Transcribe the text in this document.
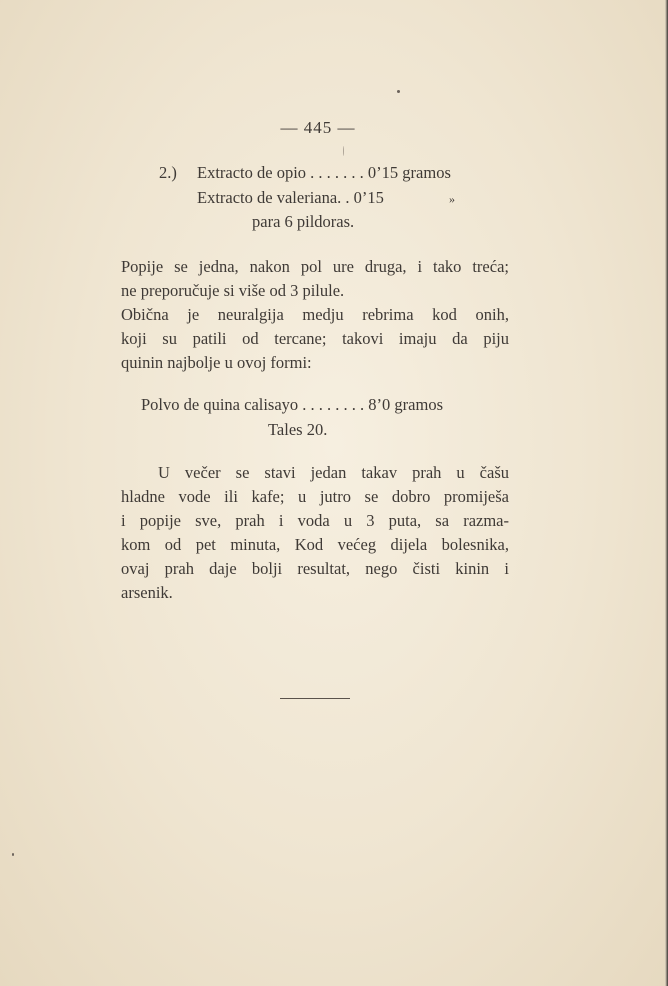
— 445 —
2.) Extracto de opio . . . . . . . 0’15 gramos
Extracto de valeriana. . 0’15	»
para 6 pildoras.
Popije se jedna, nakon pol ure druga, i tako treća;
ne preporučuje si više od 3 pilule.
Obična je neuralgija medju rebrima kod onih,
koji su patili od tercane; takovi imaju da piju
quinin najbolje u ovoj formi:
Polvo de quina calisayo . . . . . . . . 8’0 gramos
Tales 20.
U večer se stavi jedan takav prah u čašu
hladne vode ili kafe; u jutro se dobro promiješa
i popije sve, prah i voda u 3 puta, sa razma-
kom od pet minuta, Kod većeg dijela bolesnika,
ovaj prah daje bolji resultat, nego čisti kinin i
arsenik.
